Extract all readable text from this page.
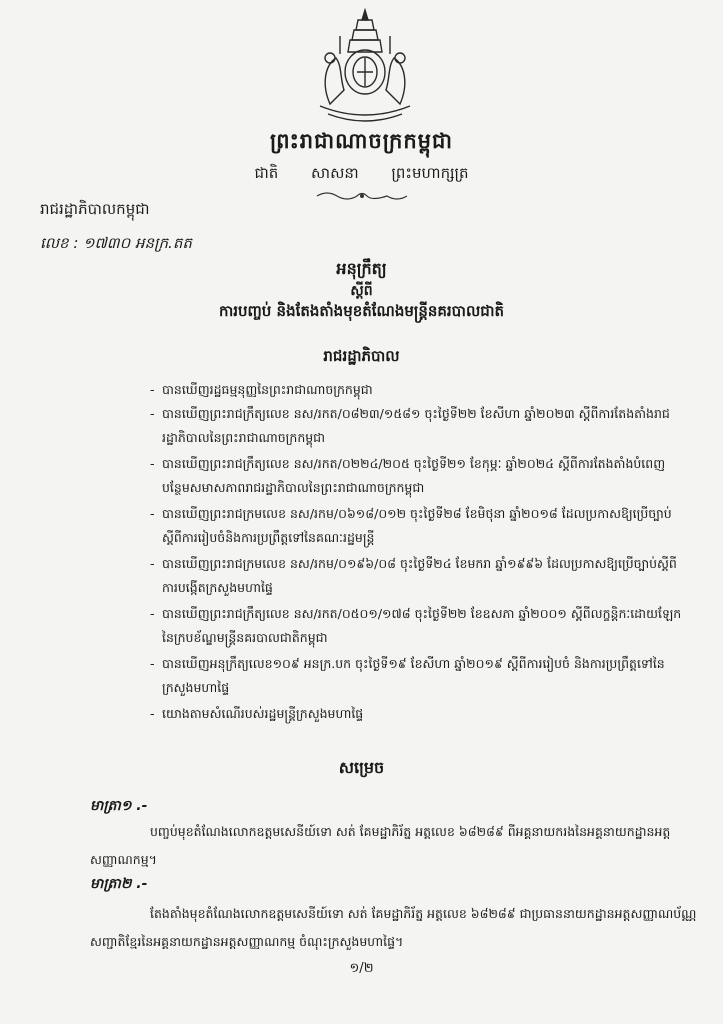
ព្រះរាជាណាចក្រកម្ពុជា
ជាតិ សាសនា ព្រះមហាក្សត្រ
រាជរដ្ឋាភិបាលកម្ពុជា
លេខ : ១៧៣០ អនក្រ.តត
អនុក្រឹត្យ
ស្តីពី
ការបញ្ចប់ និងតែងតាំងមុខតំណែងមន្ត្រីនគរបាលជាតិ
រាជរដ្ឋាភិបាល
- បានឃើញរដ្ឋធម្មនុញ្ញនៃព្រះរាជាណាចក្រកម្ពុជា
- បានឃើញព្រះរាជក្រឹត្យលេខ នស/រកត/០៨២៣/១៥៨១ ចុះថ្ងៃទី២២ ខែសីហា ឆ្នាំ២០២៣ ស្តីពីការតែងតាំងរាជរដ្ឋាភិបាលនៃព្រះរាជាណាចក្រកម្ពុជា
- បានឃើញព្រះរាជក្រឹត្យលេខ នស/រកត/០២២៤/២០៥ ចុះថ្ងៃទី២១ ខែកុម្ភៈ ឆ្នាំ២០២៤ ស្តីពីការតែងតាំងបំពេញបន្ថែមសមាសភាពរាជរដ្ឋាភិបាលនៃព្រះរាជាណាចក្រកម្ពុជា
- បានឃើញព្រះរាជក្រមលេខ នស/រកម/០៦១៨/០១២ ចុះថ្ងៃទី២៨ ខែមិថុនា ឆ្នាំ២០១៨ ដែលប្រកាសឱ្យប្រើច្បាប់ស្តីពីការរៀបចំនិងការប្រព្រឹត្តទៅនៃគណៈរដ្ឋមន្ត្រី
- បានឃើញព្រះរាជក្រមលេខ នស/រកម/០១៩៦/០៨ ចុះថ្ងៃទី២៤ ខែមករា ឆ្នាំ១៩៩៦ ដែលប្រកាសឱ្យប្រើច្បាប់ស្តីពីការបង្កើតក្រសួងមហាផ្ទៃ
- បានឃើញព្រះរាជក្រឹត្យលេខ នស/រកត/០៥០១/១៧៨ ចុះថ្ងៃទី២២ ខែឧសភា ឆ្នាំ២០០១ ស្តីពីលក្ខន្តិកៈដោយឡែកនៃក្របខ័ណ្ឌមន្ត្រីនគរបាលជាតិកម្ពុជា
- បានឃើញអនុក្រឹត្យលេខ១០៩ អនក្រ.បក ចុះថ្ងៃទី១៩ ខែសីហា ឆ្នាំ២០១៩ ស្តីពីការរៀបចំ និងការប្រព្រឹត្តទៅនៃក្រសួងមហាផ្ទៃ
- យោងតាមសំណើរបស់រដ្ឋមន្ត្រីក្រសួងមហាផ្ទៃ
សម្រេច
មាត្រា១ .-
បញ្ចប់មុខតំណែងលោកឧត្តមសេនីយ៍ទោ សត់ គែមដ្ឋាភិរ័ត្ន អត្តលេខ ៦៨២៨៩ ពីអគ្គនាយករងនៃអគ្គនាយកដ្ឋានអត្តសញ្ញាណកម្ម។
មាត្រា២ .-
តែងតាំងមុខតំណែងលោកឧត្តមសេនីយ៍ទោ សត់ គែមដ្ឋាភិរ័ត្ន អត្តលេខ ៦៨២៨៩ ជាប្រធាននាយកដ្ឋានអត្តសញ្ញាណប័ណ្ណសញ្ជាតិខ្មែរនៃអគ្គនាយកដ្ឋានអត្តសញ្ញាណកម្ម ចំណុះក្រសួងមហាផ្ទៃ។
១/២
